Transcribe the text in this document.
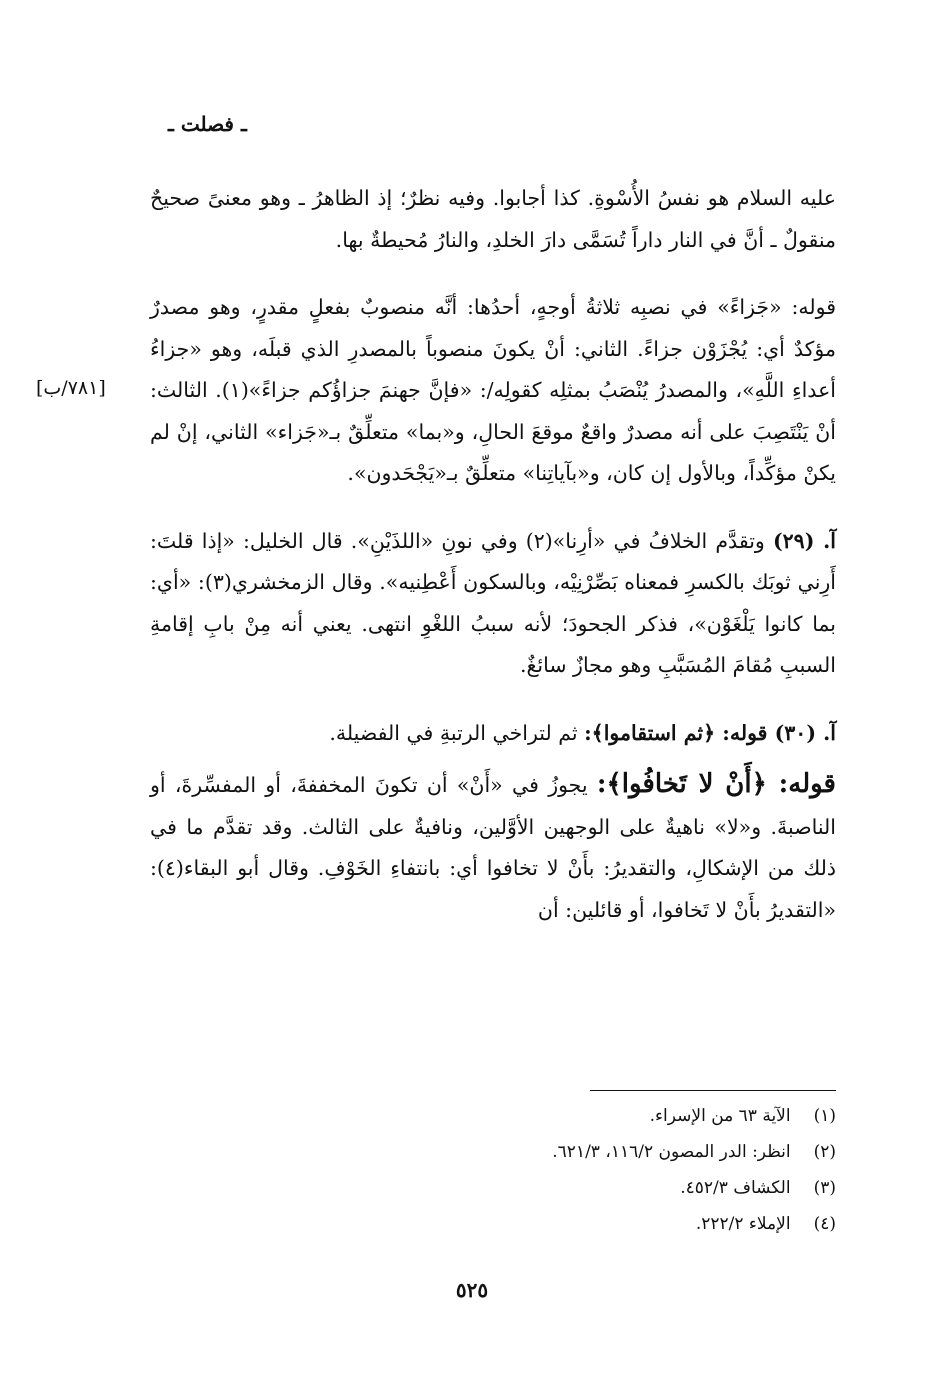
ـ فصلت ـ
[٧٨١/ب]

عليه السلام هو نفسُ الأُسْوةِ. كذا أجابوا. وفيه نظرٌ؛ إذ الظاهرُ ـ وهو معنىً صحيحٌ منقولٌ ـ أنَّ في النار داراً تُسَمَّى دارَ الخلدِ، والنارُ مُحيطةٌ بها.

قوله: «جَزاءً» في نصبِه ثلاثةُ أوجهٍ، أحدُها: أنَّه منصوبٌ بفعلٍ مقدرٍ، وهو مصدرٌ مؤكدٌ أي: يُجْزَوْن جزاءً. الثاني: أنْ يكونَ منصوباً بالمصدرِ الذي قبلَه، وهو «جزاءُ أعداءِ اللَّهِ»، والمصدرُ يُنْصَبُ بمثلِه كقولِه/: «فإنَّ جهنمَ جزاؤُكم جزاءً»(١). الثالث: أنْ يَنْتَصِبَ على أنه مصدرٌ واقعٌ موقعَ الحالِ، و«بما» متعلِّقٌ بـ«جَزاء» الثاني، إنْ لم يكنْ مؤكِّداً، وبالأول إن كان، و«بآياتِنا» متعلِّقٌ بـ«يَجْحَدون».

آ. (٢٩) وتقدَّم الخلافُ في «أرِنا»(٢) وفي نونِ «اللذَيْنِ». قال الخليل: «إذا قلتَ: أَرِني ثوبَك بالكسرِ فمعناه بَصِّرْنِيْه، وبالسكون أَعْطِنيه». وقال الزمخشري(٣): «أي: بما كانوا يَلْغَوْن»، فذكر الجحودَ؛ لأنه سببُ اللغْوِ انتهى. يعني أنه مِنْ بابِ إقامةِ السببِ مُقامَ المُسَبَّبِ وهو مجازٌ سائغٌ.

آ. (٣٠) قوله: ﴿ثم استقاموا﴾: ثم لتراخي الرتبةِ في الفضيلة.

قوله: ﴿أَنْ لا تَخافُوا﴾: يجوزُ في «أَنْ» أن تكونَ المخففةَ، أو المفسِّرةَ، أو الناصبةَ. و«لا» ناهيةٌ على الوجهين الأوَّلين، ونافيةٌ على الثالث. وقد تقدَّم ما في ذلك من الإشكالِ، والتقديرُ: بأَنْ لا تخافوا أي: بانتفاءِ الخَوْفِ. وقال أبو البقاء(٤): «التقديرُ بأَنْ لا تَخافوا، أو قائلين: أن

(١) الآية ٦٣ من الإسراء.
(٢) انظر: الدر المصون ١١٦/٢، ٦٢١/٣.
(٣) الكشاف ٤٥٢/٣.
(٤) الإملاء ٢٢٢/٢.
٥٢٥
